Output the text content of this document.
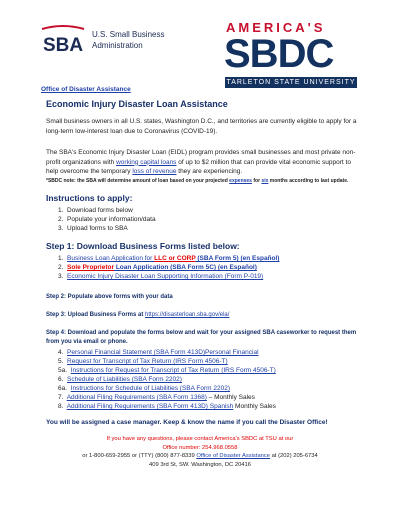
SBA
U.S. Small Business
Administration
AMERICA'S
SBDC
TARLETON STATE UNIVERSITY
Office of Disaster Assistance
Economic Injury Disaster Loan Assistance
Small business owners in all U.S. states, Washington D.C., and territories are currently eligible to apply for a long-term low-interest loan due to Coronavirus (COVID-19).
The SBA's Economic Injury Disaster Loan (EIDL) program provides small businesses and most private non-profit organizations with working capital loans of up to $2 million that can provide vital economic support to help overcome the temporary loss of revenue they are experiencing.
*SBDC note: the SBA will determine amount of loan based on your projected expenses for six months according to last update.
Instructions to apply:
1.  Download forms below
2.  Populate your information/data
3.  Upload forms to SBA
Step 1: Download Business Forms listed below:
1. Business Loan Application for LLC or CORP (SBA Form 5) (en Español)
2. Sole Proprietor Loan Application (SBA Form 5C) (en Español)
3. Economic Injury Disaster Loan Supporting Information (Form P-019)
Step 2: Populate above forms with your data
Step 3: Upload Business Forms at https://disasterloan.sba.gov/ela/
Step 4: Download and populate the forms below and wait for your assigned SBA caseworker to request them from you via email or phone.
4. Personal Financial Statement (SBA Form 413D)Personal Financial
5. Request for Transcript of Tax Return (IRS Form 4506-T)
5a. Instructions for Request for Transcript of Tax Return (IRS Form 4506-T)
6. Schedule of Liabilities (SBA Form 2202)
6a. Instructions for Schedule of Liabilities (SBA Form 2202)
7. Additional Filing Requirements (SBA Form 1368) – Monthly Sales
8. Additional Filing Requirements (SBA Form 413D) Spanish Monthly Sales
You will be assigned a case manager. Keep & know the name if you call the Disaster Office!
If you have any questions, please contact America's SBDC at TSU at our
Office number: 254.968.0558
or 1-800-659-2955 or (TTY) (800) 877-8339 Office of Disaster Assistance at (202) 205-6734
409 3rd St, SW. Washington, DC 20416
